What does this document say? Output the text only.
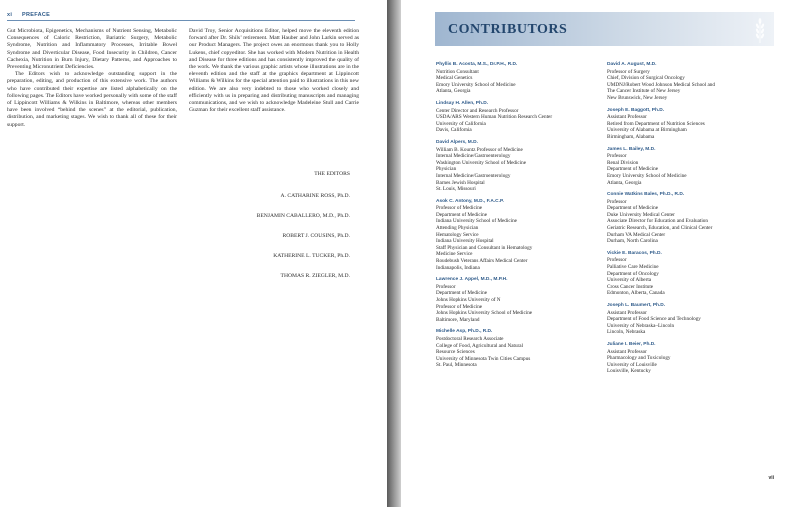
xi PREFACE

Gut Microbiota, Epigenetics, Mechanisms of Nutrient Sensing, Metabolic Consequences of Caloric Restriction, Bariatric Surgery, Metabolic Syndrome, Nutrition and Inflammatory Processes, Irritable Bowel Syndrome and Diverticular Disease, Food Insecurity in Children, Cancer Cachexia, Nutrition in Burn Injury, Dietary Patterns, and Approaches to Preventing Micronutrient Deficiencies.

The Editors wish to acknowledge outstanding support in the preparation, editing, and production of this extensive work. The authors who have contributed their expertise are listed alphabetically on the following pages. The Editors have worked personally with some of the staff of Lippincott Williams & Wilkins in Baltimore, whereas other members have been involved “behind the scenes” at the editorial, publication, distribution, and marketing stages. We wish to thank all of these for their support.

David Troy, Senior Acquisitions Editor, helped move the eleventh edition forward after Dr. Shils’ retirement. Matt Hauber and John Larkin served as our Product Managers. The project owes an enormous thank you to Holly Lukens, chief copyeditor. She has worked with Modern Nutrition in Health and Disease for three editions and has consistently improved the quality of the work. We thank the various graphic artists whose illustrations are in the eleventh edition and the staff at the graphics department at Lippincott Williams & Wilkins for the special attention paid to illustrations in this new edition. We are also very indebted to those who worked closely and efficiently with us in preparing and distributing manuscripts and managing communications, and we wish to acknowledge Madeleine Stull and Carrie Guzman for their excellent staff assistance.

THE EDITORS
A. CATHARINE ROSS, Ph.D.
BENJAMIN CABALLERO, M.D., Ph.D.
ROBERT J. COUSINS, Ph.D.
KATHERINE L. TUCKER, Ph.D.
THOMAS R. ZIEGLER, M.D.
CONTRIBUTORS
Phyllis B. Acosta, M.S., Dr.P.H., R.D.
Nutrition Consultant
Medical Genetics
Emory University School of Medicine
Atlanta, Georgia
Lindsay H. Allen, Ph.D.
Center Director and Research Professor
USDA/ARS Western Human Nutrition Research Center
University of California
Davis, California
David Alpers, M.D.
William B. Kountz Professor of Medicine
Internal Medicine/Gastroenterology
Washington University School of Medicine
Physician
Internal Medicine/Gastroenterology
Barnes Jewish Hospital
St. Louis, Missouri
Asok C. Antony, M.D., F.A.C.P.
Professor of Medicine
Department of Medicine
Indiana University School of Medicine
Attending Physician
Hematology Service
Indiana University Hospital
Staff Physician and Consultant in Hematology
Medicine Service
Roudebush Veterans Affairs Medical Center
Indianapolis, Indiana
Lawrence J. Appel, M.D., M.P.H.
Professor
Department of Medicine
Johns Hopkins University of N
Professor of Medicine
Johns Hopkins University School of Medicine
Baltimore, Maryland
Michelle Asp, Ph.D., R.D.
Postdoctoral Research Associate
College of Food, Agricultural and Natural
Resource Sciences
University of Minnesota Twin Cities Campus
St. Paul, Minnesota
David A. August, M.D.
Professor of Surgery
Chief, Division of Surgical Oncology
UMDNJ/Robert Wood Johnson Medical School and
The Cancer Institute of New Jersey
New Brunswick, New Jersey
Joseph E. Baggott, Ph.D.
Assistant Professor
Retired from Department of Nutrition Sciences
University of Alabama at Birmingham
Birmingham, Alabama
James L. Bailey, M.D.
Professor
Renal Division
Department of Medicine
Emory University School of Medicine
Atlanta, Georgia
Connie Watkins Bales, Ph.D., R.D.
Professor
Department of Medicine
Duke University Medical Center
Associate Director for Education and Evaluation
Geriatric Research, Education, and Clinical Center
Durham VA Medical Center
Durham, North Carolina
Vickie E. Baracos, Ph.D.
Professor
Palliative Care Medicine
Department of Oncology
University of Alberta
Cross Cancer Institute
Edmonton, Alberta, Canada
Joseph L. Baumert, Ph.D.
Assistant Professor
Department of Food Science and Technology
University of Nebraska–Lincoln
Lincoln, Nebraska
Juliane I. Beier, Ph.D.
Assistant Professor
Pharmacology and Toxicology
University of Louisville
Louisville, Kentucky
vii
